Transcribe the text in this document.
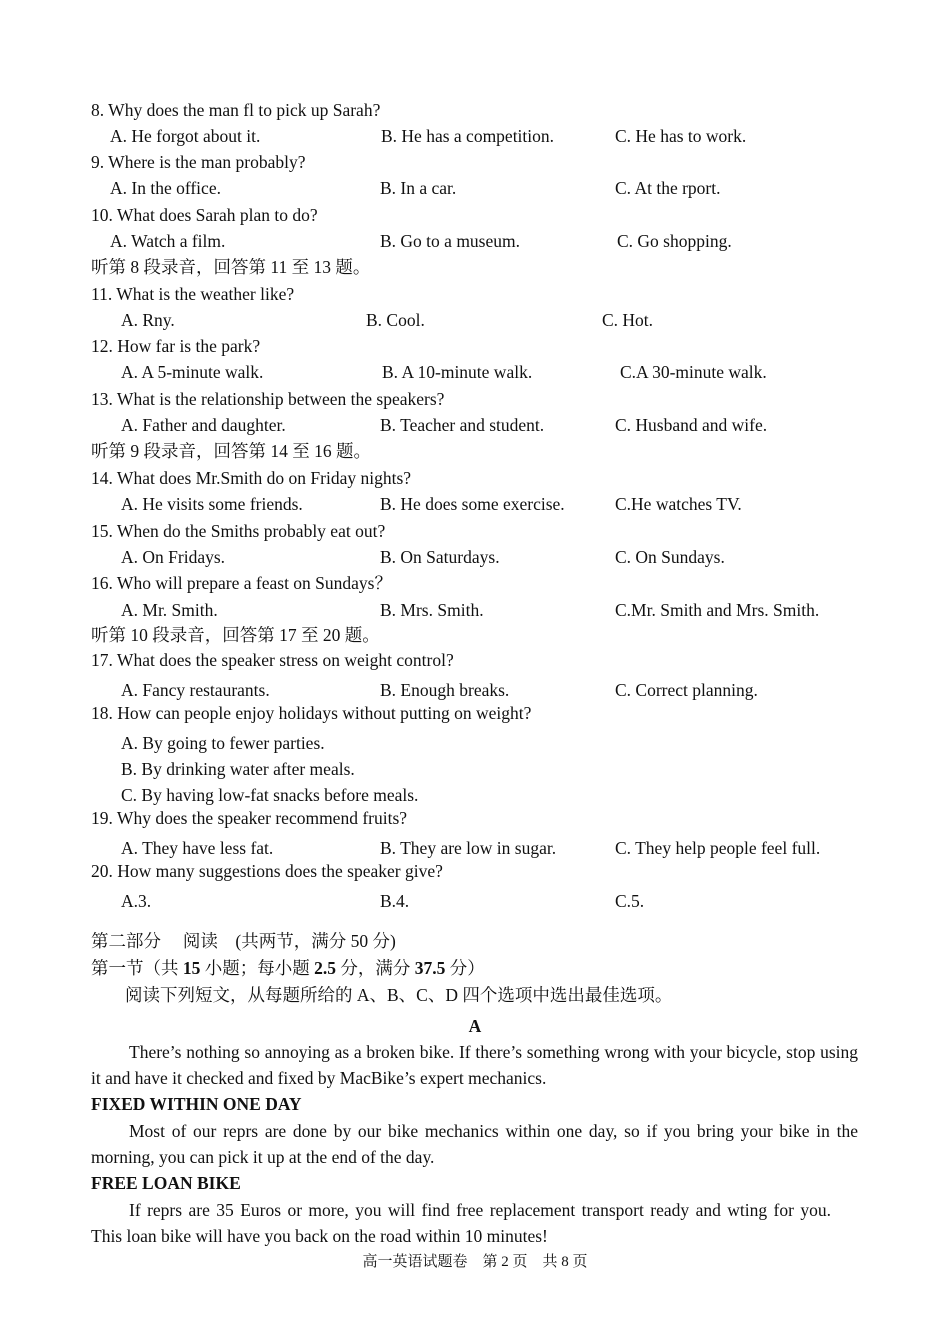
8. Why does the man fl to pick up Sarah?
A. He forgot about it.	B. He has a competition.	C. He has to work.
9. Where is the man probably?
A. In the office.	B. In a car.	C. At the rport.
10. What does Sarah plan to do?
A. Watch a film.	B. Go to a museum.	C. Go shopping.
听第 8 段录音，回答第 11 至 13 题。
11. What is the weather like?
A. Rny.	B. Cool.	C. Hot.
12. How far is the park?
A. A 5-minute walk.	B. A 10-minute walk.	C.A 30-minute walk.
13. What is the relationship between the speakers?
A. Father and daughter.	B. Teacher and student.	C. Husband and wife.
听第 9 段录音，回答第 14 至 16 题。
14. What does Mr.Smith do on Friday nights?
A. He visits some friends.	B. He does some exercise.	C.He watches TV.
15. When do the Smiths probably eat out?
A. On Fridays.	B. On Saturdays.	C. On Sundays.
16. Who will prepare a feast on Sundays？
A. Mr. Smith.	B. Mrs. Smith.	C.Mr. Smith and Mrs. Smith.
听第 10 段录音，回答第 17 至 20 题。
17. What does the speaker stress on weight control?
A. Fancy restaurants.	B. Enough breaks.	C. Correct planning.
18. How can people enjoy holidays without putting on weight?
A. By going to fewer parties.
B. By drinking water after meals.
C. By having low-fat snacks before meals.
19. Why does the speaker recommend fruits?
A. They have less fat.	B. They are low in sugar.	C. They help people feel full.
20. How many suggestions does the speaker give?
A.3.	B.4.	C.5.
第二部分　 阅读　(共两节，满分 50 分)
第一节（共 15 小题；每小题 2.5 分，满分 37.5 分）
阅读下列短文，从每题所给的 A、B、C、D 四个选项中选出最佳选项。
A
There’s nothing so annoying as a broken bike. If there’s something wrong with your bicycle, stop using it and have it checked and fixed by MacBike’s expert mechanics.
FIXED WITHIN ONE DAY
Most of our reprs are done by our bike mechanics within one day, so if you bring your bike in the morning, you can pick it up at the end of the day.
FREE LOAN BIKE
If reprs are 35 Euros or more, you will find free replacement transport ready and wting for you. This loan bike will have you back on the road within 10 minutes!
高一英语试题卷　第 2 页　共 8 页
